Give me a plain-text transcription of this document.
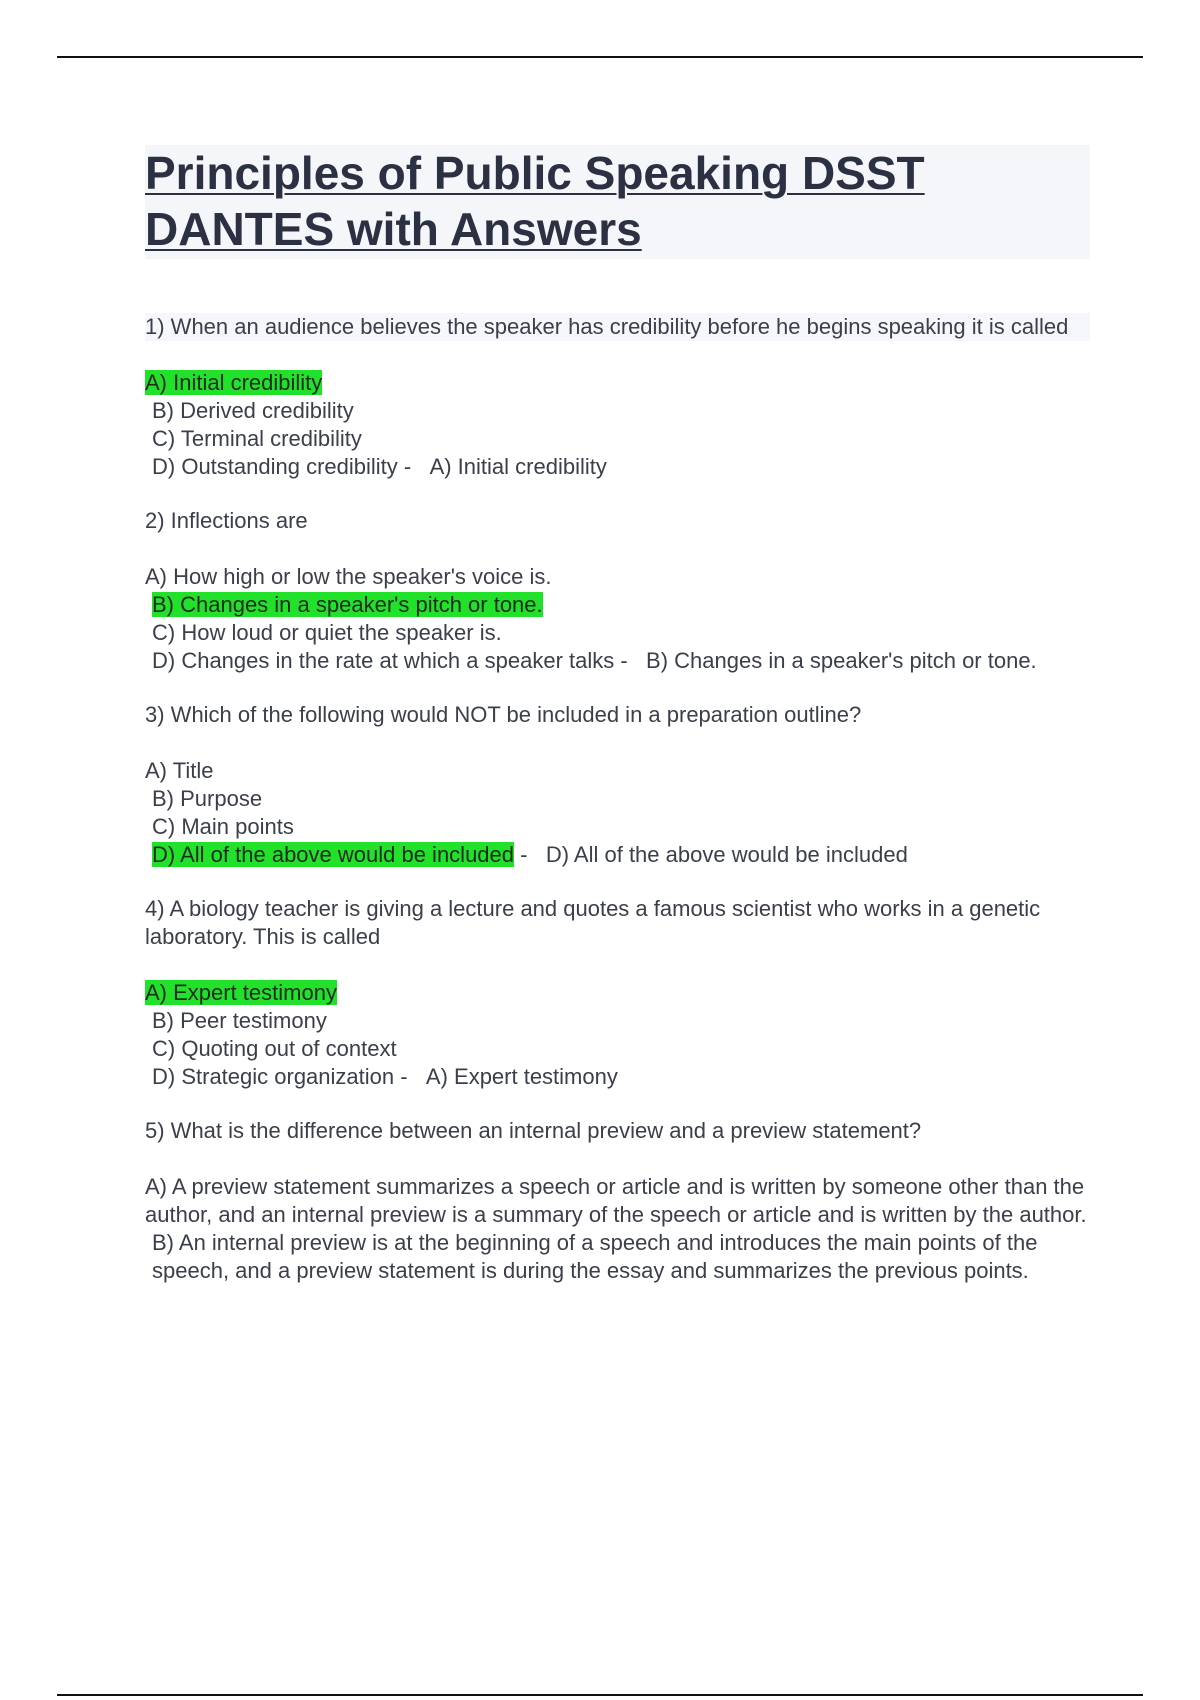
Principles of Public Speaking DSST DANTES with Answers
1) When an audience believes the speaker has credibility before he begins speaking it is called
A) Initial credibility
B) Derived credibility
C) Terminal credibility
D) Outstanding credibility - A) Initial credibility
2) Inflections are
A) How high or low the speaker's voice is.
B) Changes in a speaker's pitch or tone.
C) How loud or quiet the speaker is.
D) Changes in the rate at which a speaker talks - B) Changes in a speaker's pitch or tone.
3) Which of the following would NOT be included in a preparation outline?
A) Title
B) Purpose
C) Main points
D) All of the above would be included - D) All of the above would be included
4) A biology teacher is giving a lecture and quotes a famous scientist who works in a genetic laboratory. This is called
A) Expert testimony
B) Peer testimony
C) Quoting out of context
D) Strategic organization - A) Expert testimony
5) What is the difference between an internal preview and a preview statement?
A) A preview statement summarizes a speech or article and is written by someone other than the author, and an internal preview is a summary of the speech or article and is written by the author.
B) An internal preview is at the beginning of a speech and introduces the main points of the speech, and a preview statement is during the essay and summarizes the previous points.
